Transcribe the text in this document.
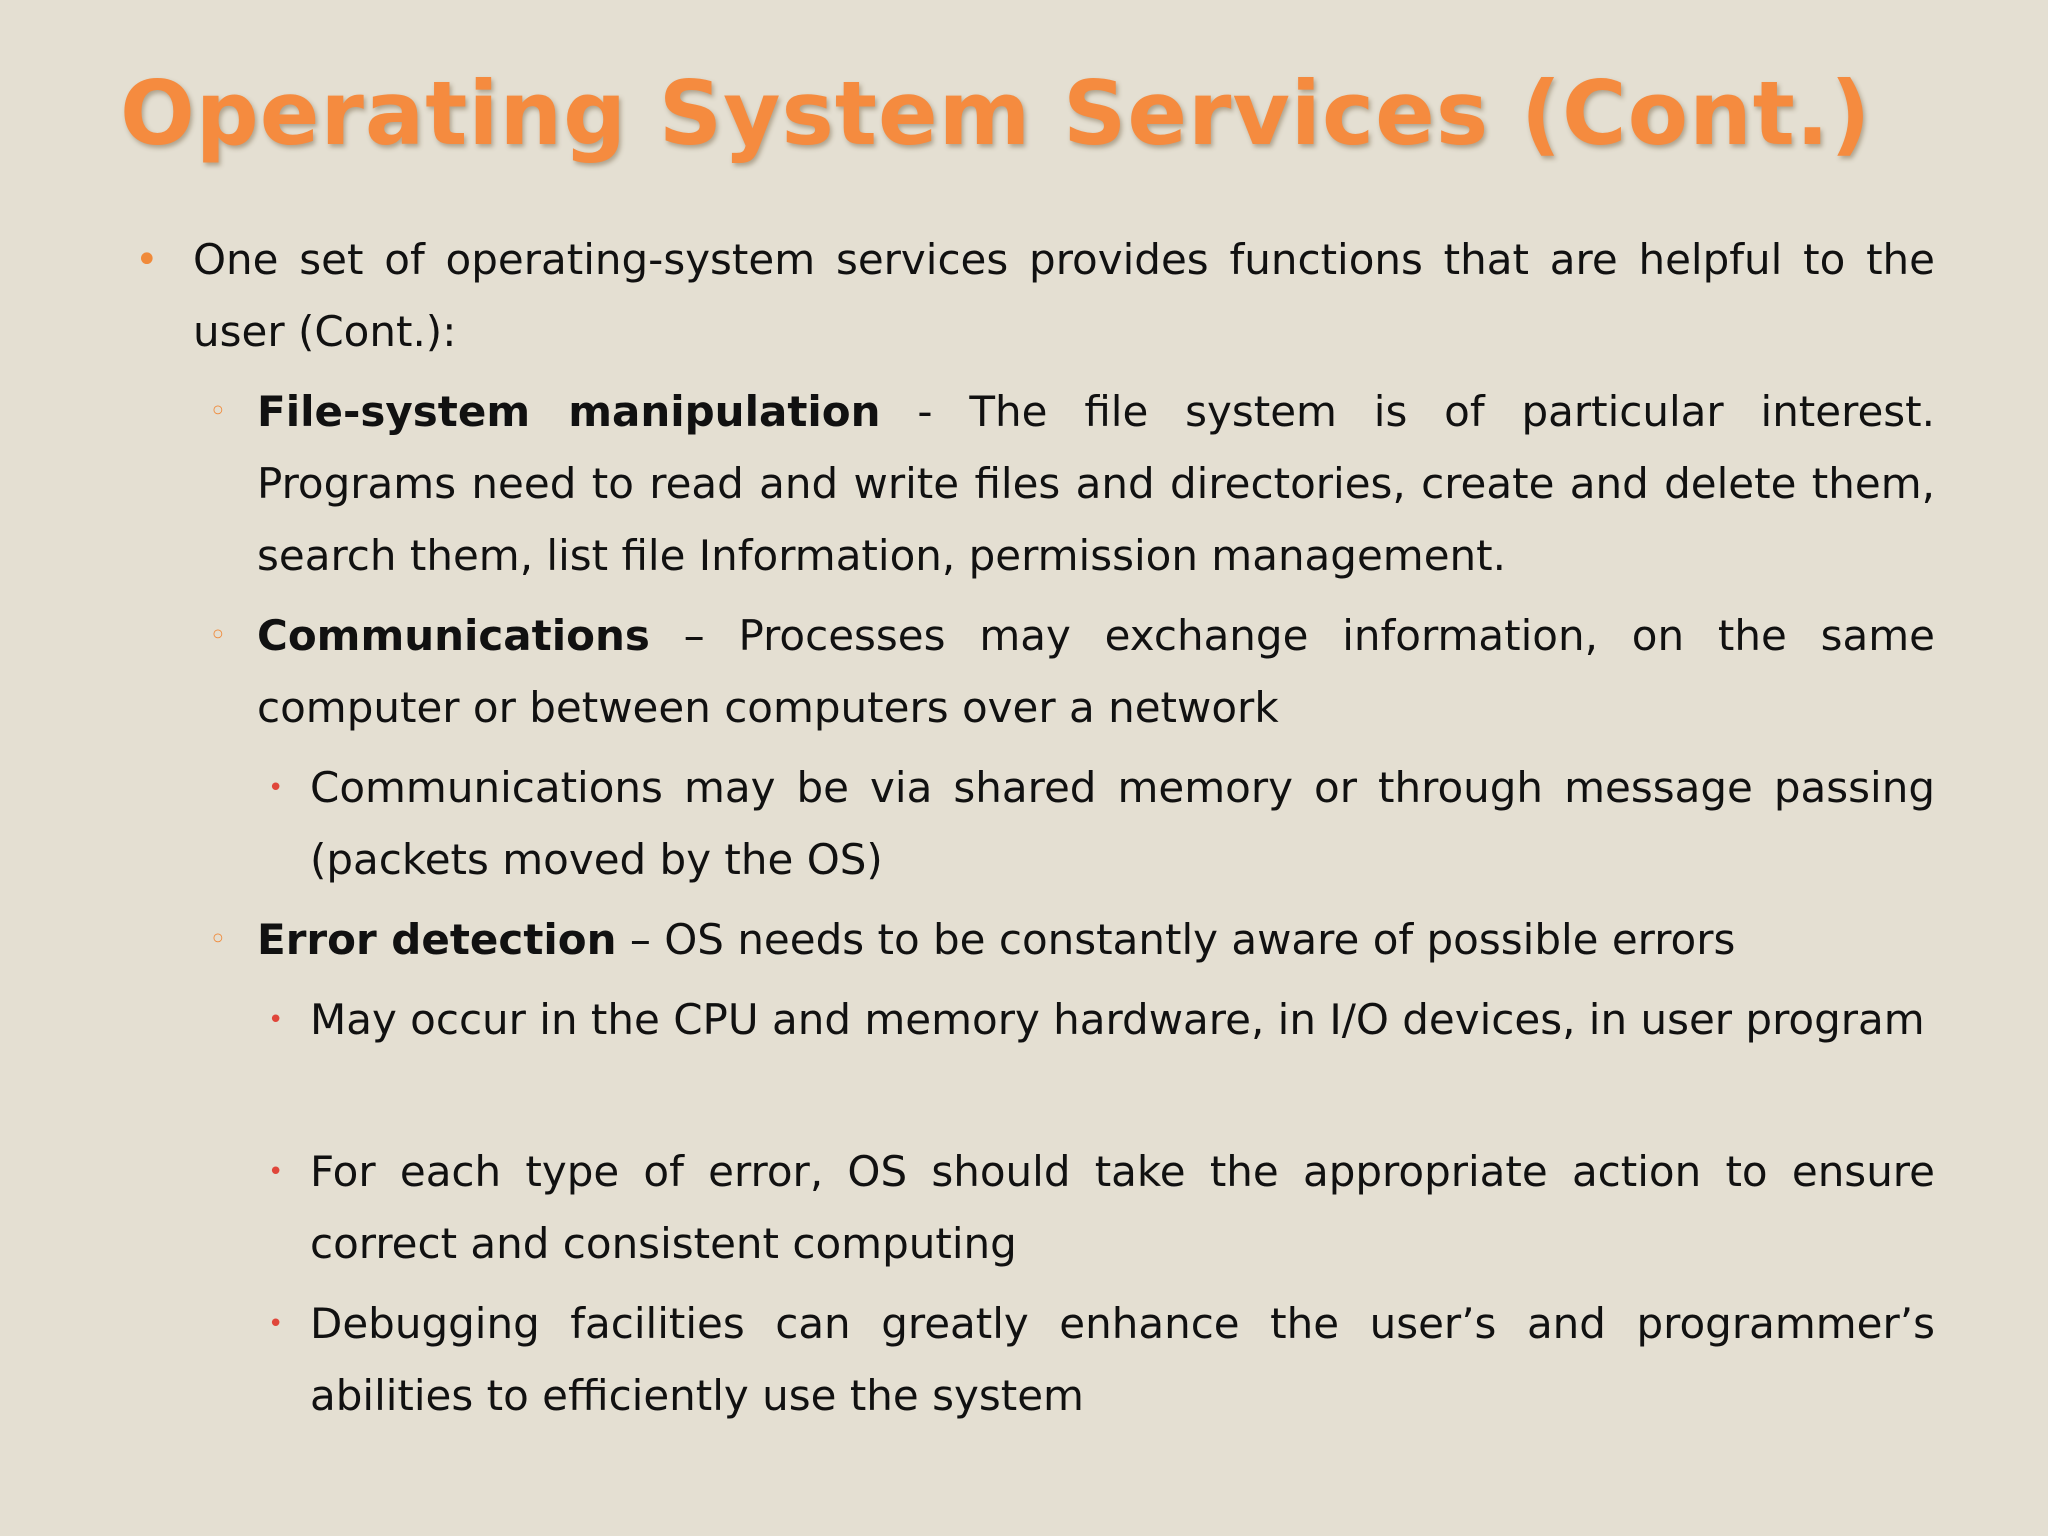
Operating System Services (Cont.)
• One set of operating-system services provides functions that are helpful to the user (Cont.):
◦ File-system manipulation - The file system is of particular interest. Programs need to read and write files and directories, create and delete them, search them, list file Information, permission management.
◦ Communications – Processes may exchange information, on the same computer or between computers over a network
• Communications may be via shared memory or through message passing (packets moved by the OS)
◦ Error detection – OS needs to be constantly aware of possible errors
• May occur in the CPU and memory hardware, in I/O devices, in user program
• For each type of error, OS should take the appropriate action to ensure correct and consistent computing
• Debugging facilities can greatly enhance the user’s and programmer’s abilities to efficiently use the system
